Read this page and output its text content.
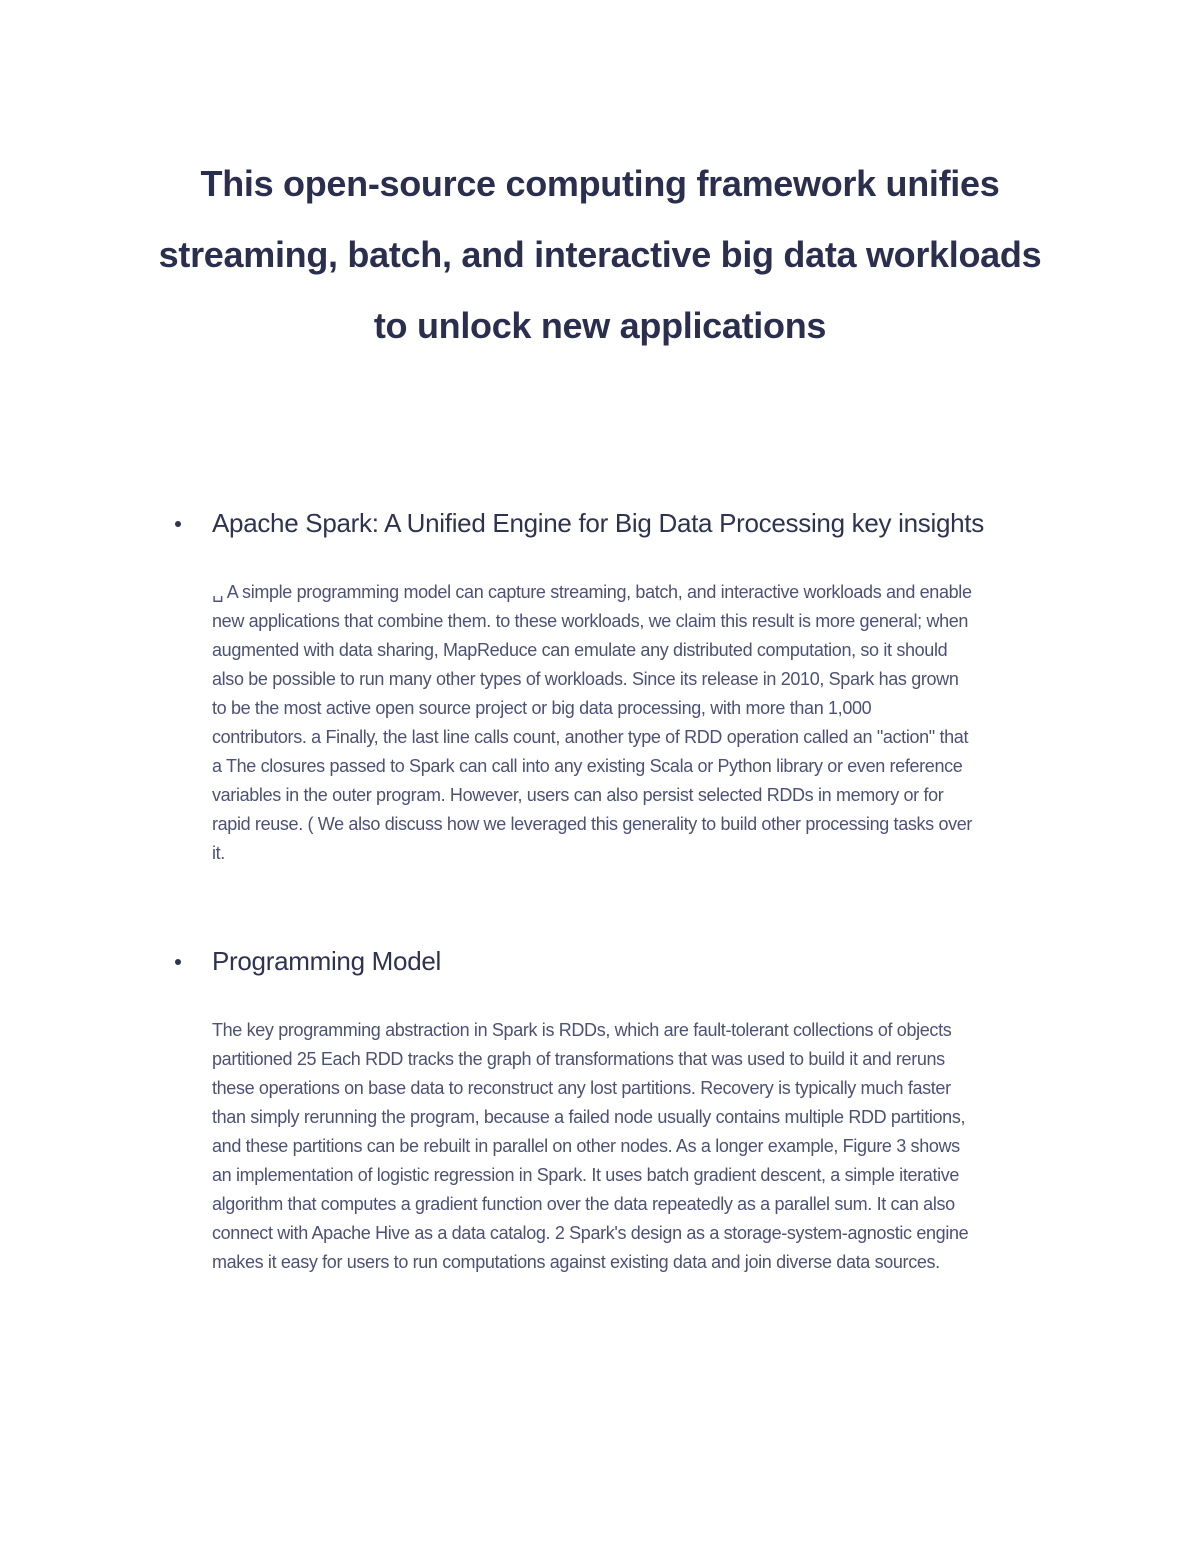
This open-source computing framework unifies
streaming, batch, and interactive big data workloads
to unlock new applications
Apache Spark: A Unified Engine for Big Data Processing key insights

␣ A simple programming model can capture streaming, batch, and interactive workloads and enable
new applications that combine them. to these workloads, we claim this result is more general; when
augmented with data sharing, MapReduce can emulate any distributed computation, so it should
also be possible to run many other types of workloads. Since its release in 2010, Spark has grown
to be the most active open source project or big data processing, with more than 1,000
contributors. a Finally, the last line calls count, another type of RDD operation called an "action" that
a The closures passed to Spark can call into any existing Scala or Python library or even reference
variables in the outer program. However, users can also persist selected RDDs in memory or for
rapid reuse. ( We also discuss how we leveraged this generality to build other processing tasks over
it.

Programming Model

The key programming abstraction in Spark is RDDs, which are fault-tolerant collections of objects
partitioned 25 Each RDD tracks the graph of transformations that was used to build it and reruns
these operations on base data to reconstruct any lost partitions. Recovery is typically much faster
than simply rerunning the program, because a failed node usually contains multiple RDD partitions,
and these partitions can be rebuilt in parallel on other nodes. As a longer example, Figure 3 shows
an implementation of logistic regression in Spark. It uses batch gradient descent, a simple iterative
algorithm that computes a gradient function over the data repeatedly as a parallel sum. It can also
connect with Apache Hive as a data catalog. 2 Spark's design as a storage-system-agnostic engine
makes it easy for users to run computations against existing data and join diverse data sources.
